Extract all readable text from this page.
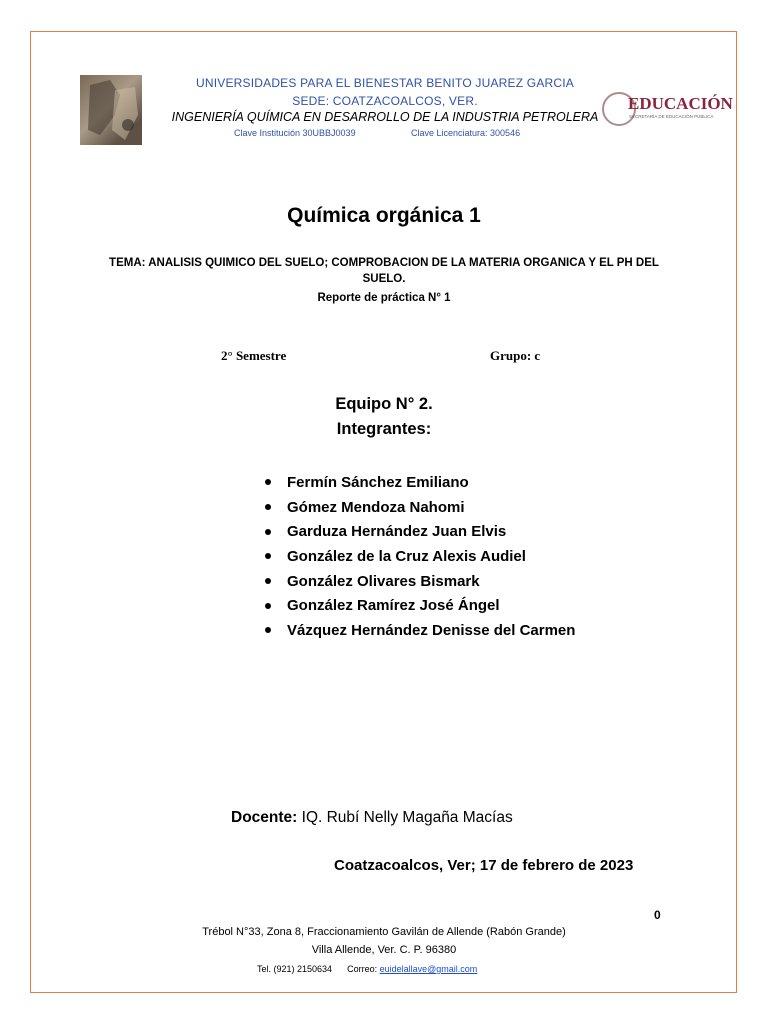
UNIVERSIDADES PARA EL BIENESTAR BENITO JUAREZ GARCIA
SEDE: COATZACOALCOS, VER.
INGENIERÍA QUÍMICA EN DESARROLLO DE LA INDUSTRIA PETROLERA
Clave Institución 30UBBJ0039	Clave Licenciatura: 300546
EDUCACIÓN
SECRETARÍA DE EDUCACIÓN PÚBLICA
Química orgánica 1
TEMA: ANALISIS QUIMICO DEL SUELO; COMPROBACION DE LA MATERIA ORGANICA Y EL PH DEL SUELO.
Reporte de práctica N° 1
2° Semestre	Grupo: c
Equipo N° 2.
Integrantes:
Fermín Sánchez Emiliano
Gómez Mendoza Nahomi
Garduza Hernández Juan Elvis
González de la Cruz Alexis Audiel
González Olivares Bismark
González Ramírez José Ángel
Vázquez Hernández Denisse del Carmen
Docente: IQ. Rubí Nelly Magaña Macías
Coatzacoalcos, Ver; 17 de febrero de 2023
0
Trébol N°33, Zona 8, Fraccionamiento Gavilán de Allende (Rabón Grande)
Villa Allende, Ver. C. P. 96380
Tel. (921) 2150634 Correo: euidelallave@gmail.com
